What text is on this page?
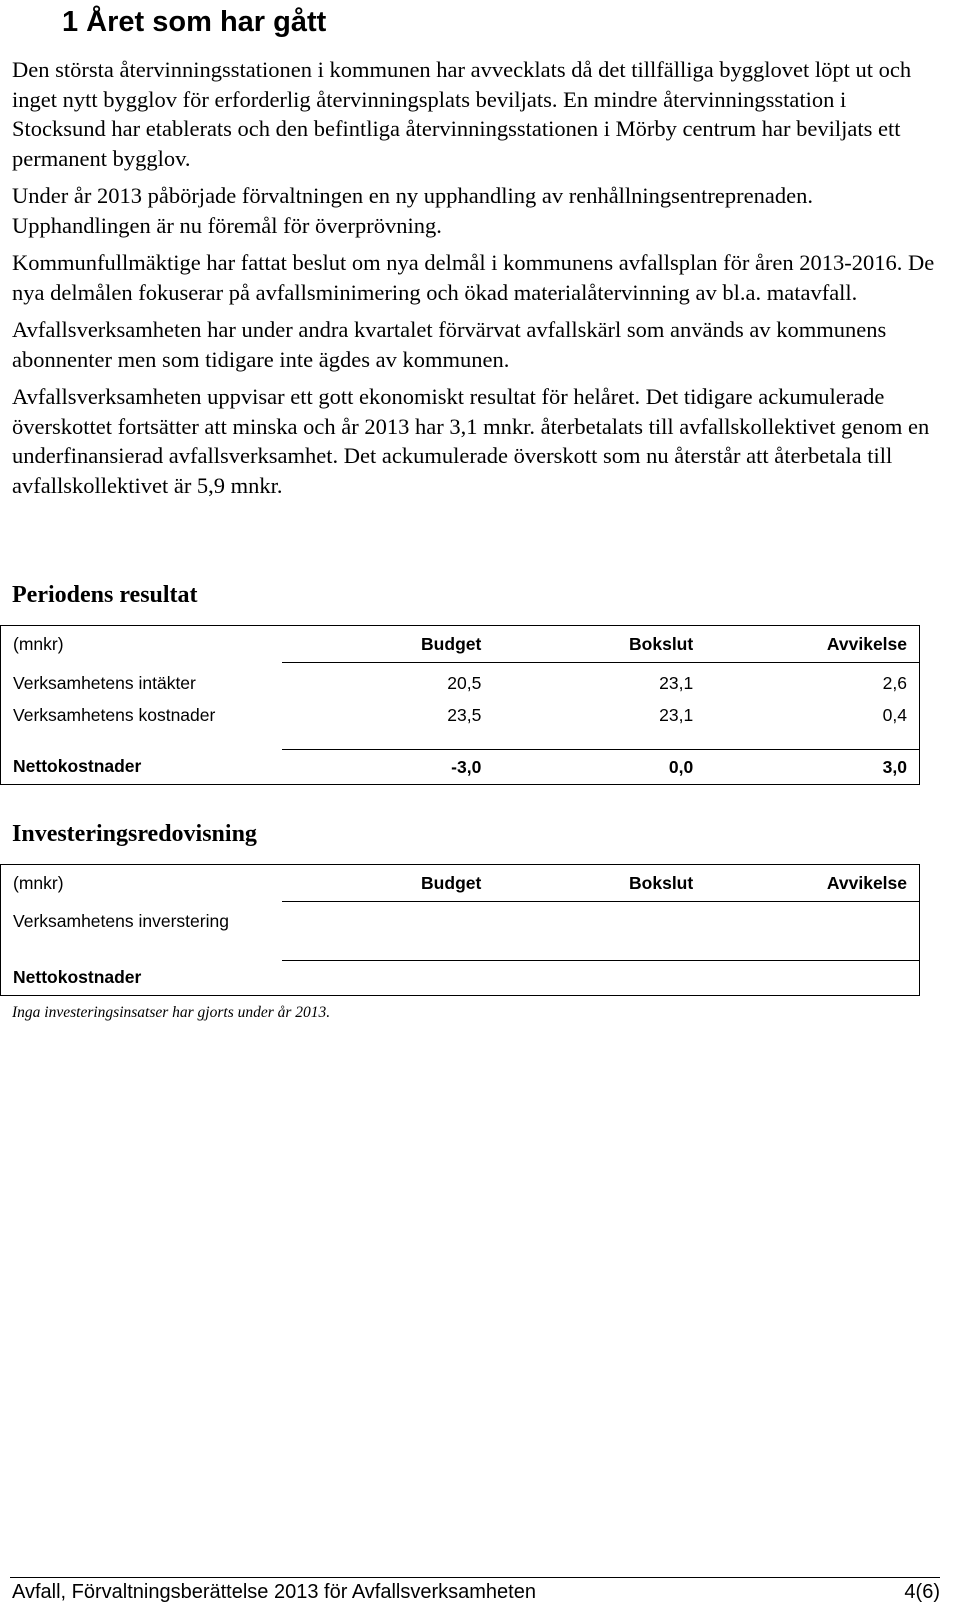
1 Året som har gått

Den största återvinningsstationen i kommunen har avvecklats då det tillfälliga bygglovet löpt ut och inget nytt bygglov för erforderlig återvinningsplats beviljats. En mindre återvinningsstation i Stocksund har etablerats och den befintliga återvinningsstationen i Mörby centrum har beviljats ett permanent bygglov.

Under år 2013 påbörjade förvaltningen en ny upphandling av renhållningsentreprenaden. Upphandlingen är nu föremål för överprövning.

Kommunfullmäktige har fattat beslut om nya delmål i kommunens avfallsplan för åren 2013-2016. De nya delmålen fokuserar på avfallsminimering och ökad materialåtervinning av bl.a. matavfall.

Avfallsverksamheten har under andra kvartalet förvärvat avfallskärl som används av kommunens abonnenter men som tidigare inte ägdes av kommunen.

Avfallsverksamheten uppvisar ett gott ekonomiskt resultat för helåret. Det tidigare ackumulerade överskottet fortsätter att minska och år 2013 har 3,1 mnkr. återbetalats till avfallskollektivet genom en underfinansierad avfallsverksamhet. Det ackumulerade överskott som nu återstår att återbetala till avfallskollektivet är 5,9 mnkr.

Periodens resultat
(mnkr)	Budget	Bokslut	Avvikelse
Verksamhetens intäkter	20,5	23,1	2,6
Verksamhetens kostnader	23,5	23,1	0,4
Nettokostnader	-3,0	0,0	3,0
Investeringsredovisning
(mnkr)	Budget	Bokslut	Avvikelse
Verksamhetens inverstering			
Nettokostnader			
Inga investeringsinsatser har gjorts under år 2013.
Avfall, Förvaltningsberättelse 2013 för Avfallsverksamheten	4(6)
